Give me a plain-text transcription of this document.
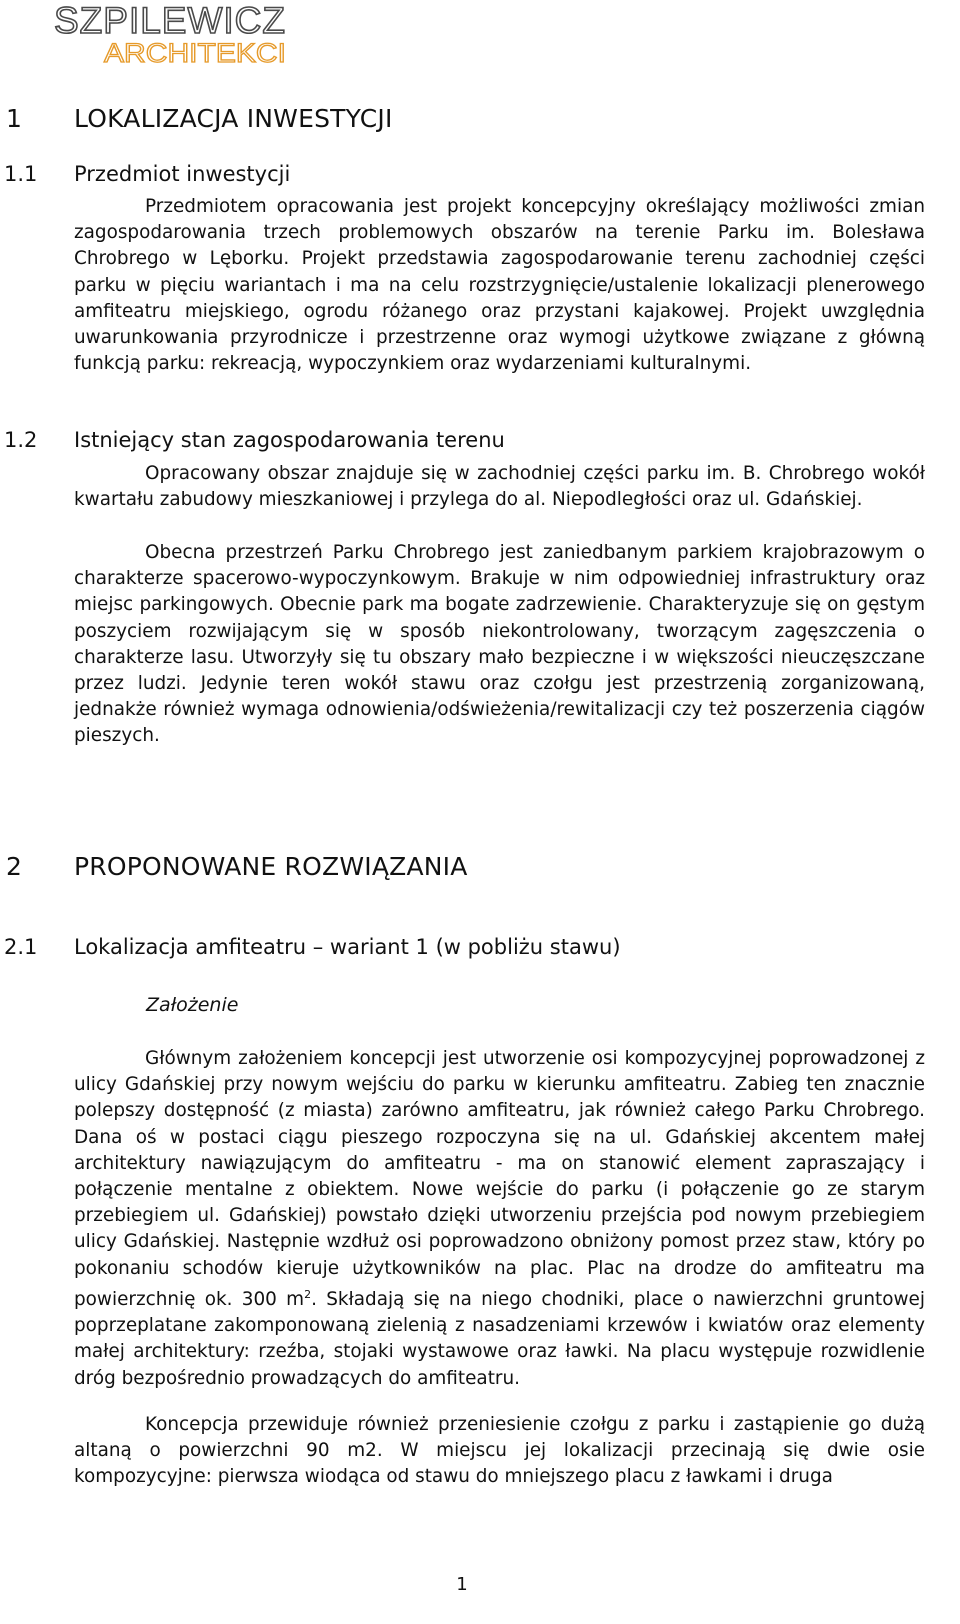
SZPILEWICZ
ARCHITEKCI
1 LOKALIZACJA INWESTYCJI
1.1 Przedmiot inwestycji

Przedmiotem opracowania jest projekt koncepcyjny określający możliwości zmian zagospodarowania trzech problemowych obszarów na terenie Parku im. Bolesława Chrobrego w Lęborku. Projekt przedstawia zagospodarowanie terenu zachodniej części parku w pięciu wariantach i ma na celu rozstrzygnięcie/ustalenie lokalizacji plenerowego amfiteatru miejskiego, ogrodu różanego oraz przystani kajakowej. Projekt uwzględnia uwarunkowania przyrodnicze i przestrzenne oraz wymogi użytkowe związane z główną funkcją parku: rekreacją, wypoczynkiem oraz wydarzeniami kulturalnymi.

1.2 Istniejący stan zagospodarowania terenu

Opracowany obszar znajduje się w zachodniej części parku im. B. Chrobrego wokół kwartału zabudowy mieszkaniowej i przylega do al. Niepodległości oraz ul. Gdańskiej.

Obecna przestrzeń Parku Chrobrego jest zaniedbanym parkiem krajobrazowym o charakterze spacerowo-wypoczynkowym. Brakuje w nim odpowiedniej infrastruktury oraz miejsc parkingowych. Obecnie park ma bogate zadrzewienie. Charakteryzuje się on gęstym poszyciem rozwijającym się w sposób niekontrolowany, tworzącym zagęszczenia o charakterze lasu. Utworzyły się tu obszary mało bezpieczne i w większości nieuczęszczane przez ludzi. Jedynie teren wokół stawu oraz czołgu jest przestrzenią zorganizowaną, jednakże również wymaga odnowienia/odświeżenia/rewitalizacji czy też poszerzenia ciągów pieszych.

2 PROPONOWANE ROZWIĄZANIA
2.1 Lokalizacja amfiteatru – wariant 1 (w pobliżu stawu)
Założenie

Głównym założeniem koncepcji jest utworzenie osi kompozycyjnej poprowadzonej z ulicy Gdańskiej przy nowym wejściu do parku w kierunku amfiteatru. Zabieg ten znacznie polepszy dostępność (z miasta) zarówno amfiteatru, jak również całego Parku Chrobrego. Dana oś w postaci ciągu pieszego rozpoczyna się na ul. Gdańskiej akcentem małej architektury nawiązującym do amfiteatru - ma on stanowić element zapraszający i połączenie mentalne z obiektem. Nowe wejście do parku (i połączenie go ze starym przebiegiem ul. Gdańskiej) powstało dzięki utworzeniu przejścia pod nowym przebiegiem ulicy Gdańskiej. Następnie wzdłuż osi poprowadzono obniżony pomost przez staw, który po pokonaniu schodów kieruje użytkowników na plac. Plac na drodze do amfiteatru ma powierzchnię ok. 300 $m^2$. Składają się na niego chodniki, place o nawierzchni gruntowej poprzeplatane zakomponowaną zielenią z nasadzeniami krzewów i kwiatów oraz elementy małej architektury: rzeźba, stojaki wystawowe oraz ławki. Na placu występuje rozwidlenie dróg bezpośrednio prowadzących do amfiteatru.

Koncepcja przewiduje również przeniesienie czołgu z parku i zastąpienie go dużą altaną o powierzchni 90 m2. W miejscu jej lokalizacji przecinają się dwie osie kompozycyjne: pierwsza wiodąca od stawu do mniejszego placu z ławkami i druga

1
